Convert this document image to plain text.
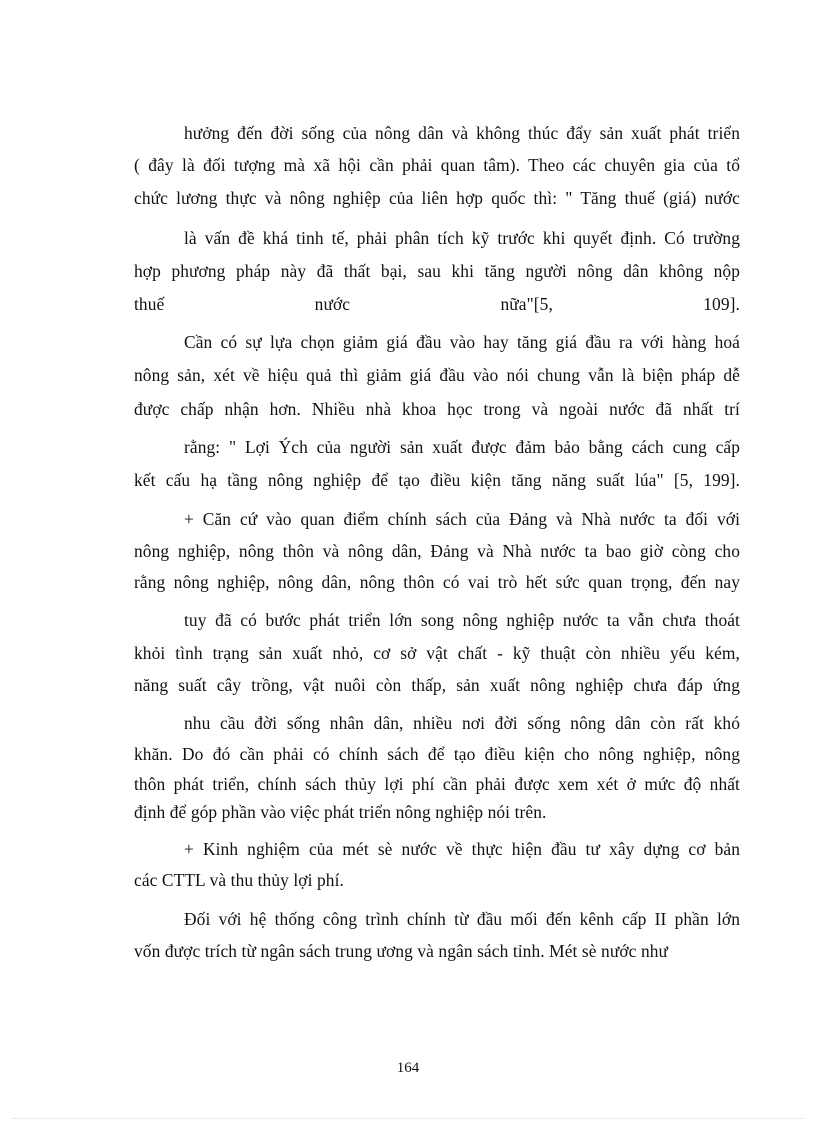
hưởng đến đời sống của nông dân và không thúc đẩy sản xuất phát triển

( đây là đối tượng mà xã hội cần phải quan tâm). Theo các chuyên gia của tổ

chức lương thực và nông nghiệp của liên hợp quốc thì: " Tăng thuế (giá) nước

là vấn đề khá tinh tế, phải phân tích kỹ trước khi quyết định. Có trường

hợp phương pháp này đã thất bại, sau khi tăng người nông dân không nộp

thuế nước nữa"[5, 109].

Cần có sự lựa chọn giảm giá đầu vào hay tăng giá đầu ra với hàng hoá

nông sản, xét về hiệu quả thì giảm giá đầu vào nói chung vẫn là biện pháp dễ

được chấp nhận hơn. Nhiều nhà khoa học trong và ngoài nước đã nhất trí

rằng: " Lợi Ých của người sản xuất được đảm bảo bằng cách cung cấp

kết cấu hạ tầng nông nghiệp để tạo điều kiện tăng năng suất lúa" [5, 199].

+ Căn cứ vào quan điểm chính sách của Đảng và Nhà nước ta đối với

nông nghiệp, nông thôn và nông dân, Đảng và Nhà nước ta bao giờ còng cho

rằng nông nghiệp, nông dân, nông thôn có vai trò hết sức quan trọng, đến nay

tuy đã có bước phát triển lớn song nông nghiệp nước ta vẫn chưa thoát

khỏi tình trạng sản xuất nhỏ, cơ sở vật chất - kỹ thuật còn nhiều yếu kém,

năng suất cây trồng, vật nuôi còn thấp, sản xuất nông nghiệp chưa đáp ứng

nhu cầu đời sống nhân dân, nhiều nơi đời sống nông dân còn rất khó

khăn. Do đó cần phải có chính sách để tạo điều kiện cho nông nghiệp, nông

thôn phát triển, chính sách thủy lợi phí cần phải được xem xét ở mức độ nhất

định để góp phần vào việc phát triển nông nghiệp nói trên.

+ Kinh nghiệm của mét sè nước về thực hiện đầu tư xây dựng cơ bản

các CTTL và thu thủy lợi phí.

Đối với hệ thống công trình chính từ đầu mối đến kênh cấp II phần lớn

vốn được trích từ ngân sách trung ương và ngân sách tỉnh. Mét sè nước như

164
